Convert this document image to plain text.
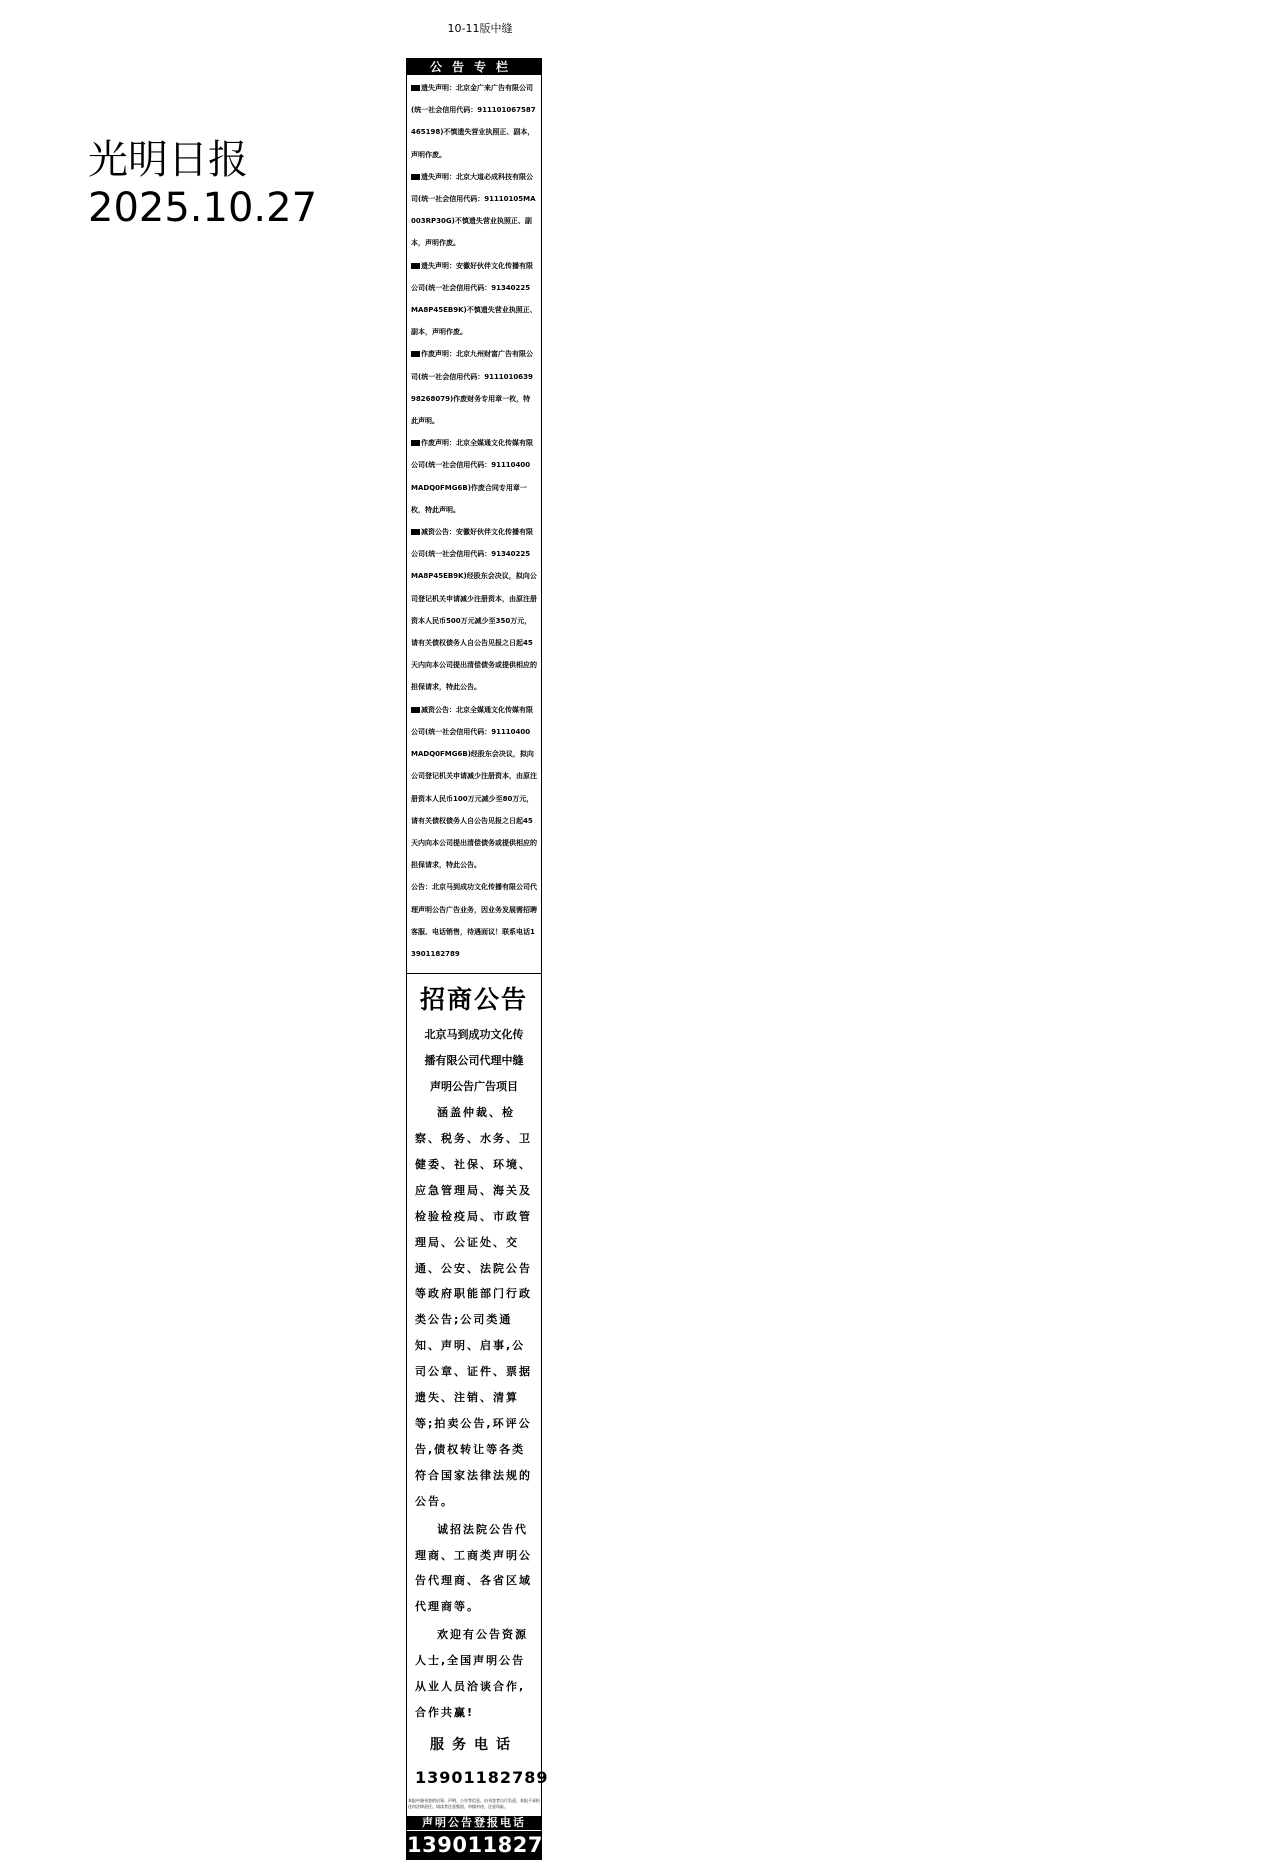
10-11版中缝
光明日报
2025.10.27
公告专栏
遗失声明：北京金广来广告有限公司(统一社会信用代码：911101067587465198)不慎遗失营业执照正、副本，声明作废。
遗失声明：北京大道必成科技有限公司(统一社会信用代码：91110105MA003RP30G)不慎遗失营业执照正、副本，声明作废。
遗失声明：安徽好伙伴文化传播有限公司(统一社会信用代码：91340225MA8P45EB9K)不慎遗失营业执照正、副本，声明作废。
作废声明：北京九州财富广告有限公司(统一社会信用代码：911101063998268079)作废财务专用章一枚，特此声明。
作废声明：北京全媒通文化传媒有限公司(统一社会信用代码：91110400MADQ0FMG6B)作废合同专用章一枚，特此声明。
减资公告：安徽好伙伴文化传播有限公司(统一社会信用代码：91340225MA8P45EB9K)经股东会决议，拟向公司登记机关申请减少注册资本，由原注册资本人民币500万元减少至350万元，请有关债权债务人自公告见报之日起45天内向本公司提出清偿债务或提供相应的担保请求，特此公告。
减资公告：北京全媒通文化传媒有限公司(统一社会信用代码：91110400MADQ0FMG6B)经股东会决议，拟向公司登记机关申请减少注册资本，由原注册资本人民币100万元减少至80万元，请有关债权债务人自公告见报之日起45天内向本公司提出清偿债务或提供相应的担保请求，特此公告。
公告：北京马到成功文化传播有限公司代理声明公告广告业务，因业务发展需招聘客服、电话销售，待遇面议！联系电话13901182789
招商公告
北京马到成功文化传
播有限公司代理中缝
声明公告广告项目
涵盖仲裁、检察、税务、水务、卫健委、社保、环境、应急管理局、海关及检验检疫局、市政管理局、公证处、交通、公安、法院公告等政府职能部门行政类公告;公司类通知、声明、启事,公司公章、证件、票据遗失、注销、清算等;拍卖公告,环评公告,债权转让等各类符合国家法律法规的公告。
诚招法院公告代理商、工商类声明公告代理商、各省区域代理商等。
欢迎有公告资源人士,全国声明公告从业人员洽谈合作,合作共赢!
服务电话
13901182789
本报中缝刊登的启事、声明、公告等信息，由刊登者自行负责，本报不承担任何法律责任。请读者注意甄别，审慎对待，注意风险。
声明公告登报电话
13901182789
